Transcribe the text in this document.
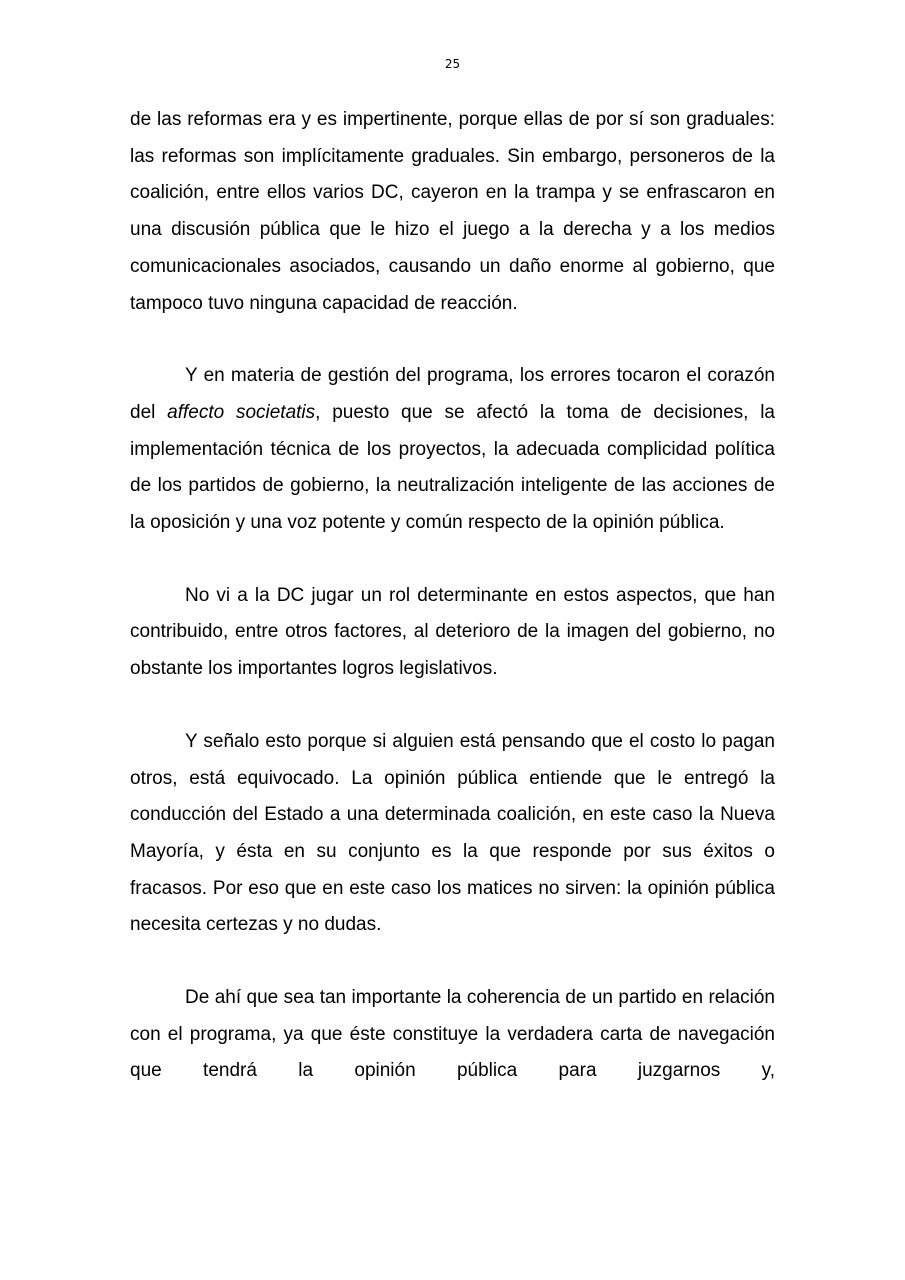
25

de las reformas era y es impertinente, porque ellas de por sí son graduales: las reformas son implícitamente graduales. Sin embargo, personeros de la coalición, entre ellos varios DC, cayeron en la trampa y se enfrascaron en una discusión pública que le hizo el juego a la derecha y a los medios comunicacionales asociados, causando un daño enorme al gobierno, que tampoco tuvo ninguna capacidad de reacción.

Y en materia de gestión del programa, los errores tocaron el corazón del affecto societatis, puesto que se afectó la toma de decisiones, la implementación técnica de los proyectos, la adecuada complicidad política de los partidos de gobierno, la neutralización inteligente de las acciones de la oposición y una voz potente y común respecto de la opinión pública.

No vi a la DC jugar un rol determinante en estos aspectos, que han contribuido, entre otros factores, al deterioro de la imagen del gobierno, no obstante los importantes logros legislativos.

Y señalo esto porque si alguien está pensando que el costo lo pagan otros, está equivocado. La opinión pública entiende que le entregó la conducción del Estado a una determinada coalición, en este caso la Nueva Mayoría, y ésta en su conjunto es la que responde por sus éxitos o fracasos. Por eso que en este caso los matices no sirven: la opinión pública necesita certezas y no dudas.

De ahí que sea tan importante la coherencia de un partido en relación con el programa, ya que éste constituye la verdadera carta de navegación que tendrá la opinión pública para juzgarnos y,
